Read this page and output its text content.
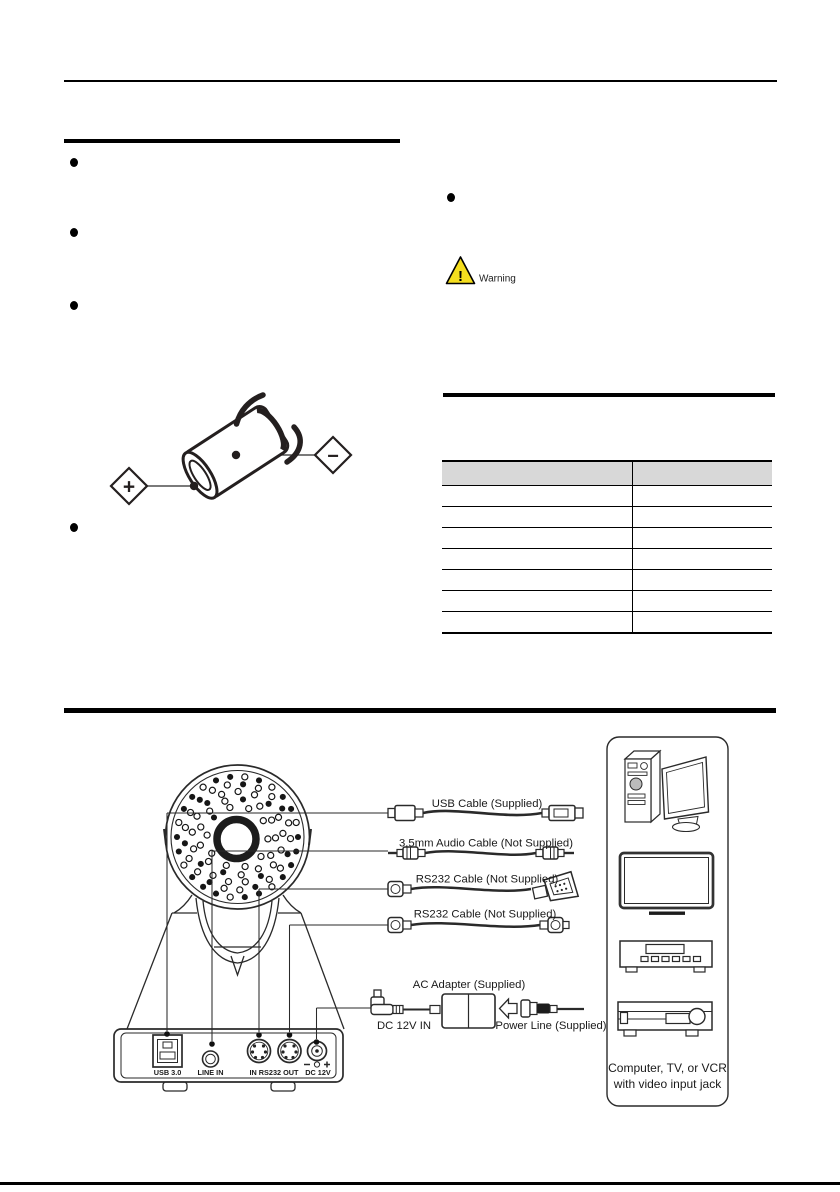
! Warning
+
−

USB Cable (Supplied)
3.5mm Audio Cable (Not Supplied)
RS232 Cable (Not Supplied)
RS232 Cable (Not Supplied)
AC Adapter (Supplied)
DC 12V IN	Power Line (Supplied)
USB 3.0 LINE IN	IN RS232 OUT DC 12V	Computer, TV, or VCR
with video input jack
